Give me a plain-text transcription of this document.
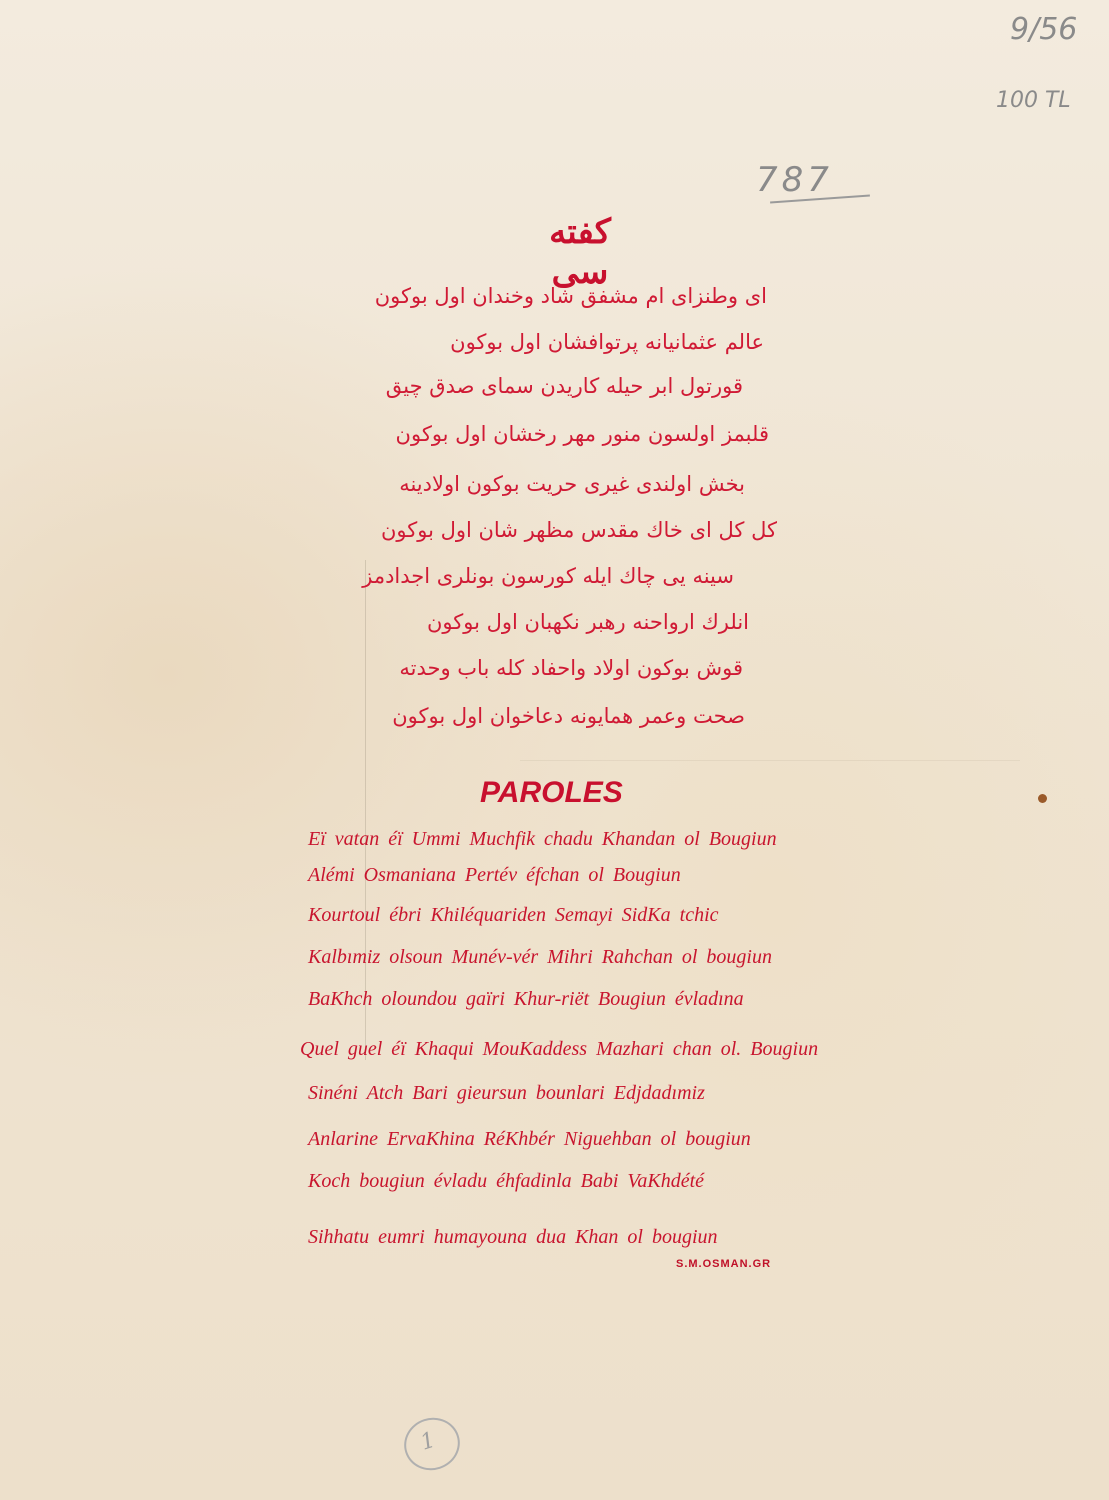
9/56
100 TL
787
كفته سی
ای وطنزای ام مشفق شاد وخندان اول بوكون
عالم عثمانيانه پرتوافشان اول بوكون
قورتول ابر حيله كاريدن سمای صدق چيق
قلبمز اولسون منور مهر رخشان اول بوكون
بخش اولندی غیری حریت بوكون اولادينه
كل كل ای خاك مقدس مظهر شان اول بوكون
سينه يی چاك ايله كورسون بونلری اجدادمز
انلرك ارواحنه رهبر نكهبان اول بوكون
قوش بوكون اولاد واحفاد كله باب وحدته
صحت وعمر همايونه دعاخوان اول بوكون
PAROLES
Eï vatan éï Ummi Muchfik chadu Khandan ol Bougiun
Alémi Osmaniana Pertév éfchan ol Bougiun
Kourtoul ébri Khiléquariden Semayi SidKa tchic
Kalbımiz olsoun Munév-vér Mihri Rahchan ol bougiun
BaKhch oloundou gaïri Khur-riët Bougiun évladına
Quel guel éï Khaqui MouKaddess Mazhari chan ol. Bougiun
Sinéni Atch Bari gieursun bounlari Edjdadımiz
Anlarine ErvaKhina RéKhbér Niguehban ol bougiun
Koch bougiun évladu éhfadinla Babi VaKhdété
Sihhatu eumri humayouna dua Khan ol bougiun
S.M.OSMAN.GR
1
